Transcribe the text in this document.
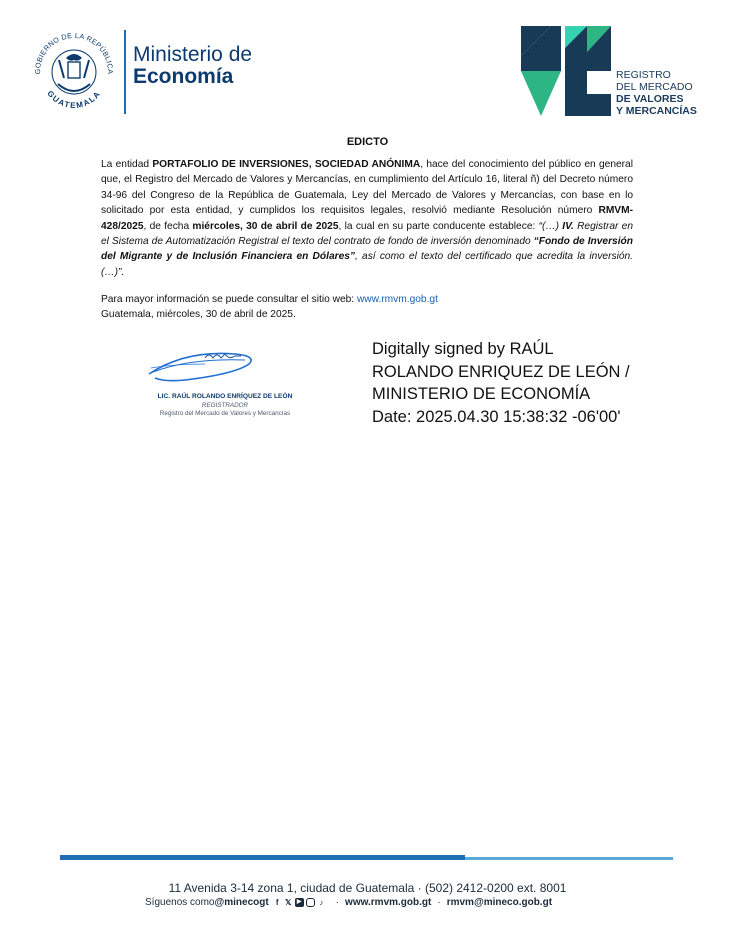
GOBIERNO DE LA REPÚBLICA
GUATEMALA
Ministerio de
Economía	REGISTRO
DEL MERCADO
DE VALORES
Y MERCANCÍAS
EDICTO
La entidad PORTAFOLIO DE INVERSIONES, SOCIEDAD ANÓNIMA, hace del conocimiento del público en general que, el Registro del Mercado de Valores y Mercancías, en cumplimiento del Artículo 16, literal ñ) del Decreto número 34-96 del Congreso de la República de Guatemala, Ley del Mercado de Valores y Mercancías, con base en lo solicitado por esta entidad, y cumplidos los requisitos legales, resolvió mediante Resolución número RMVM-428/2025, de fecha miércoles, 30 de abril de 2025, la cual en su parte conducente establece: “(…) IV. Registrar en el Sistema de Automatización Registral el texto del contrato de fondo de inversión denominado “Fondo de Inversión del Migrante y de Inclusión Financiera en Dólares”, así como el texto del certificado que acredita la inversión. (…)”.
Para mayor información se puede consultar el sitio web: www.rmvm.gob.gt
Guatemala, miércoles, 30 de abril de 2025.
LIC. RAÚL ROLANDO ENRÍQUEZ DE LEÓN
REGISTRADOR
Registro del Mercado de Valores y Mercancías
Digitally signed by RAÚL
ROLANDO ENRIQUEZ DE LEÓN /
MINISTERIO DE ECONOMÍA
Date: 2025.04.30 15:38:32 -06'00'
11 Avenida 3-14 zona 1, ciudad de Guatemala · (502) 2412-0200 ext. 8001
Síguenos como @minecogt f 𝕏 ▶	♪ · www.rmvm.gob.gt · rmvm@mineco.gob.gt
